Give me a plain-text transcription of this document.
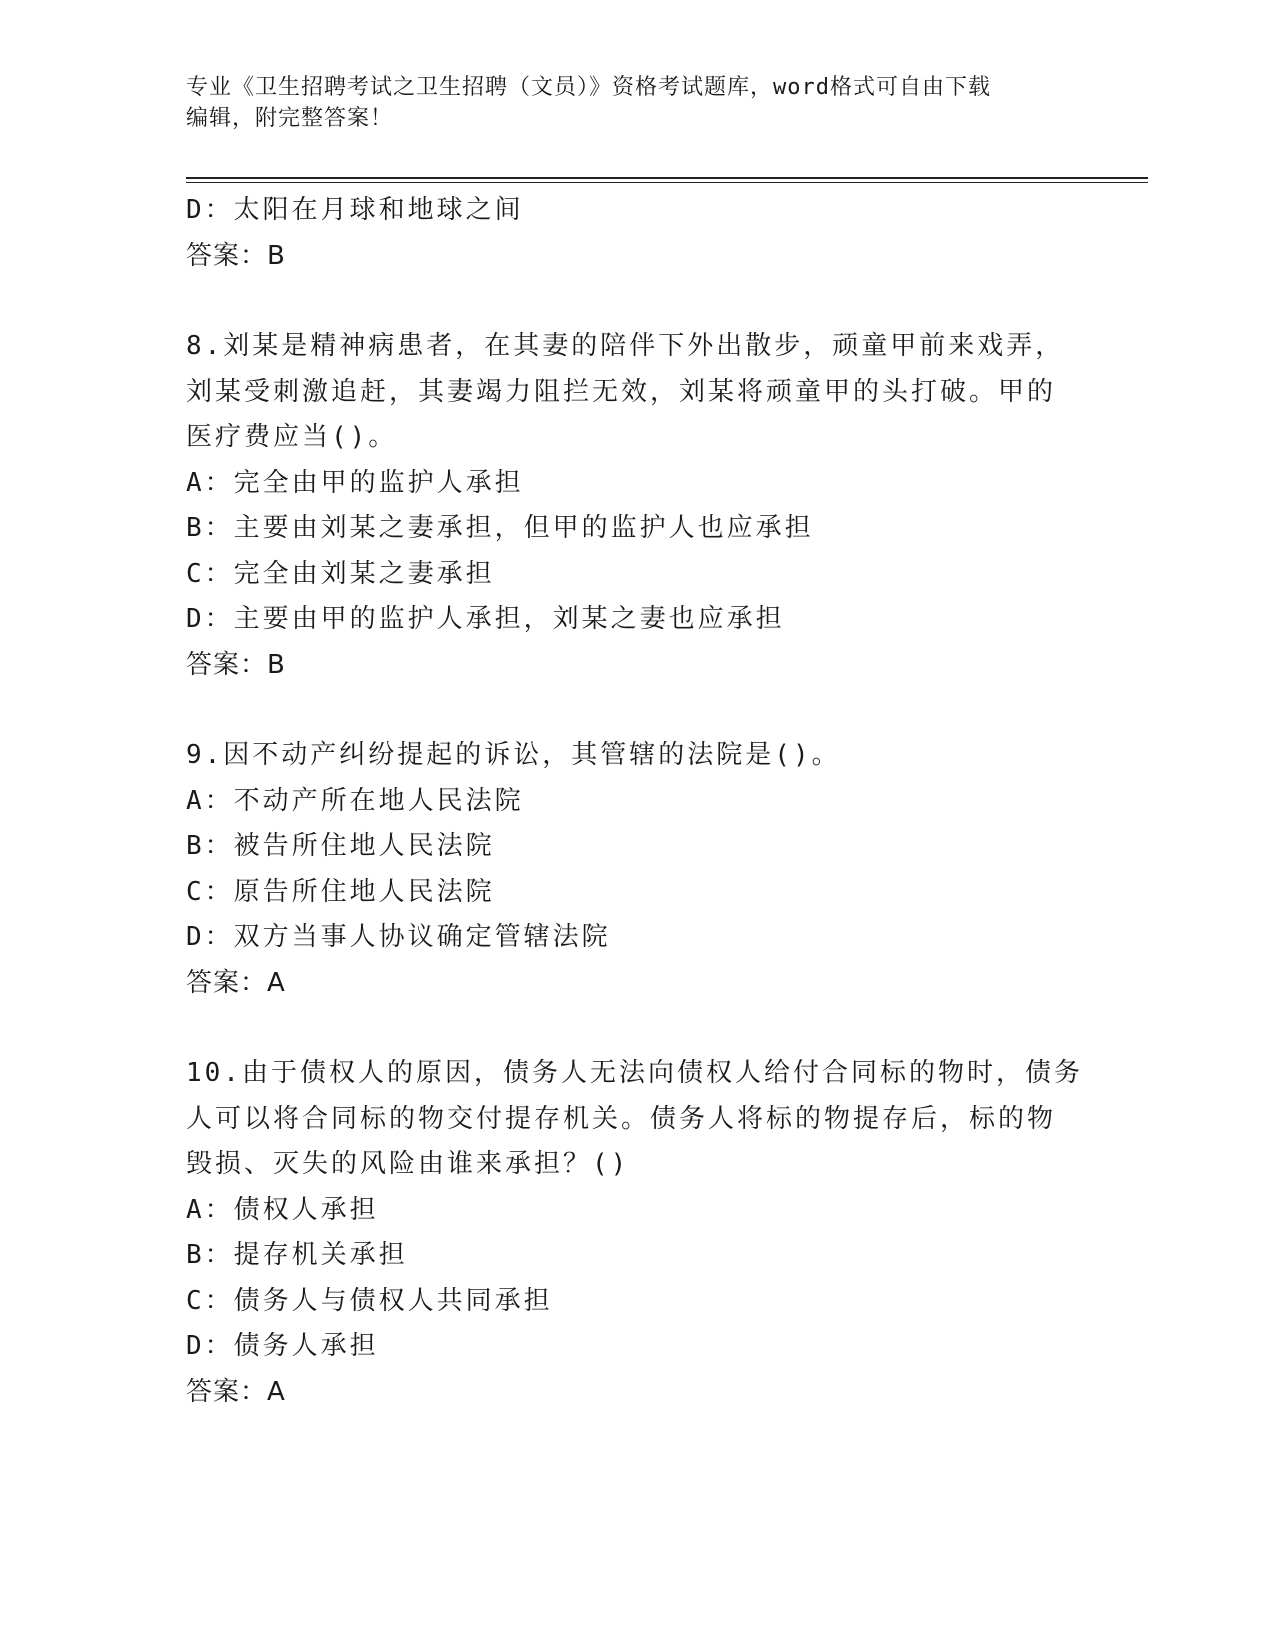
专业《卫生招聘考试之卫生招聘（文员）》资格考试题库，word格式可自由下载
编辑，附完整答案！
D：太阳在月球和地球之间
答案：B
8.刘某是精神病患者，在其妻的陪伴下外出散步，顽童甲前来戏弄，
刘某受刺激追赶，其妻竭力阻拦无效，刘某将顽童甲的头打破。甲的
医疗费应当()。
A：完全由甲的监护人承担
B：主要由刘某之妻承担，但甲的监护人也应承担
C：完全由刘某之妻承担
D：主要由甲的监护人承担，刘某之妻也应承担
答案：B
9.因不动产纠纷提起的诉讼，其管辖的法院是()。
A：不动产所在地人民法院
B：被告所住地人民法院
C：原告所住地人民法院
D：双方当事人协议确定管辖法院
答案：A
10.由于债权人的原因，债务人无法向债权人给付合同标的物时，债务
人可以将合同标的物交付提存机关。债务人将标的物提存后，标的物
毁损、灭失的风险由谁来承担？()
A：债权人承担
B：提存机关承担
C：债务人与债权人共同承担
D：债务人承担
答案：A
